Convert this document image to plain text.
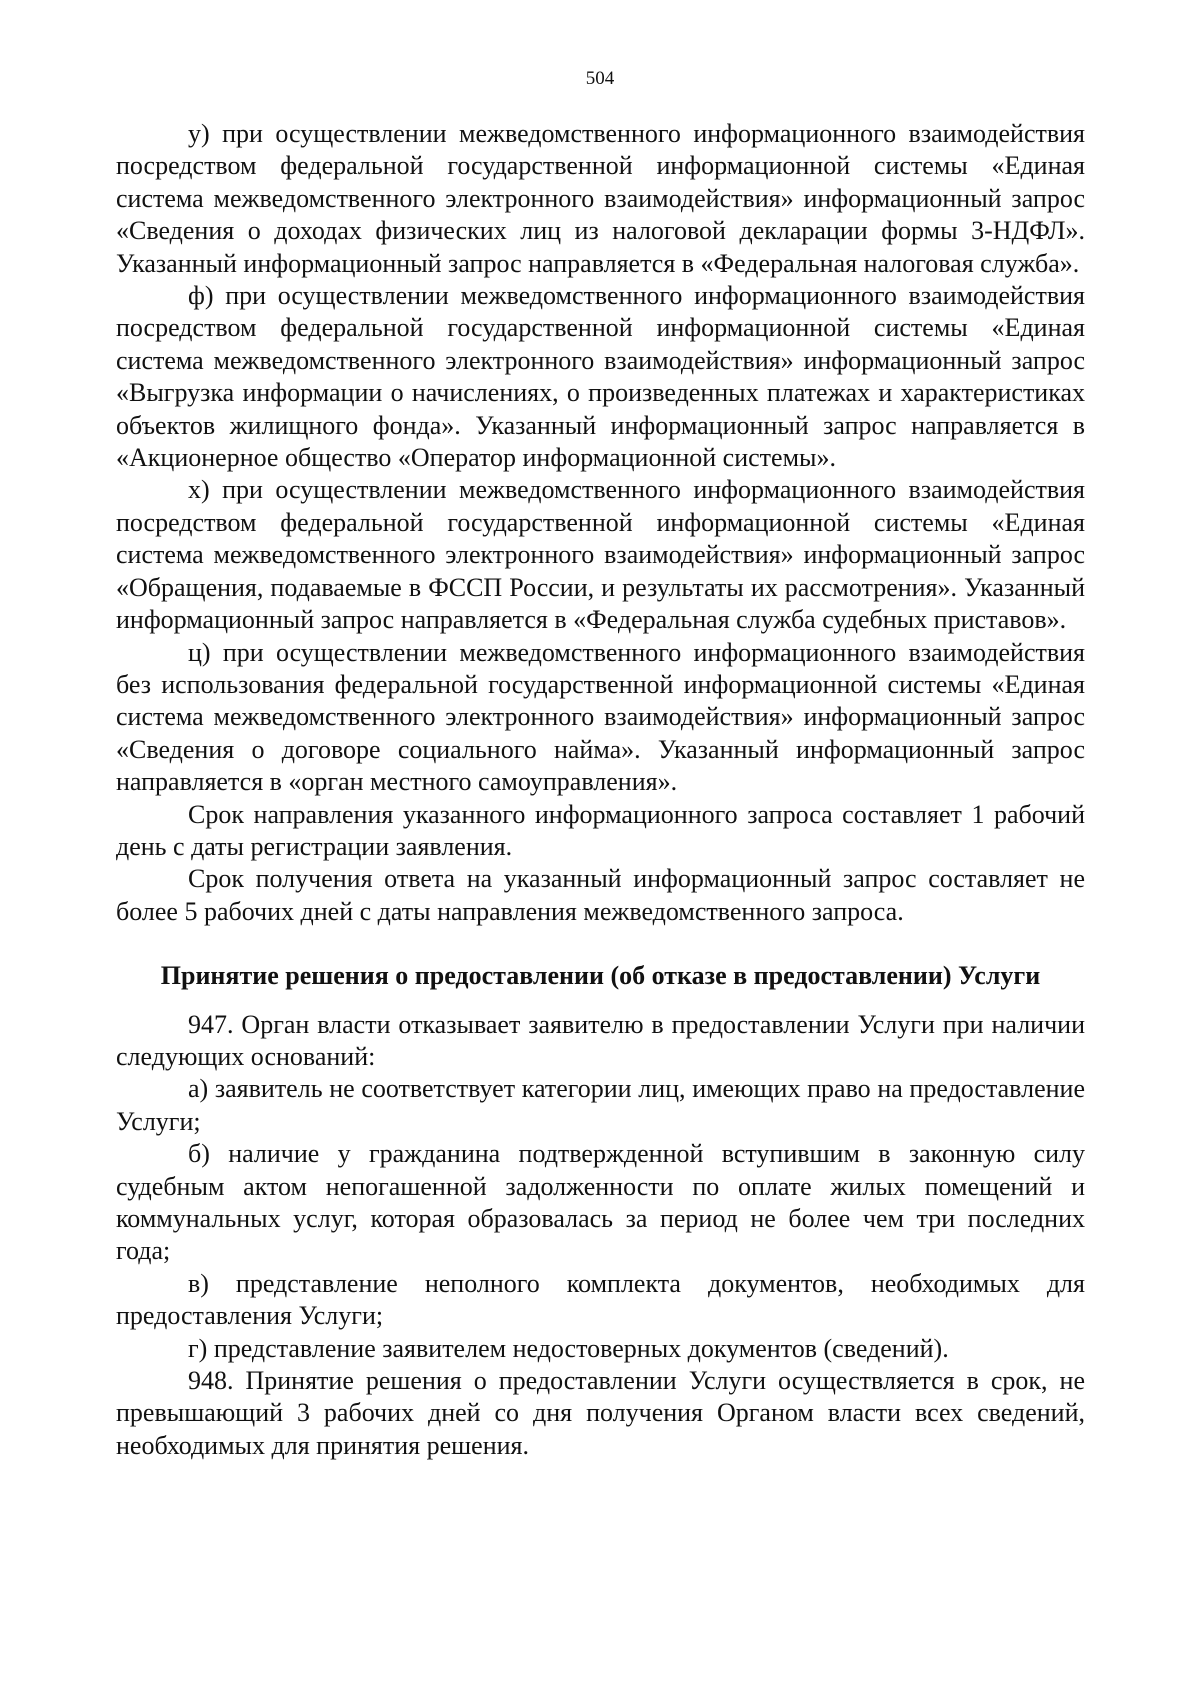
504

у) при осуществлении межведомственного информационного взаимодействия посредством федеральной государственной информационной системы «Единая система межведомственного электронного взаимодействия» информационный запрос «Сведения о доходах физических лиц из налоговой декларации формы 3-НДФЛ». Указанный информационный запрос направляется в «Федеральная налоговая служба».

ф) при осуществлении межведомственного информационного взаимодействия посредством федеральной государственной информационной системы «Единая система межведомственного электронного взаимодействия» информационный запрос «Выгрузка информации о начислениях, о произведенных платежах и характеристиках объектов жилищного фонда». Указанный информационный запрос направляется в «Акционерное общество «Оператор информационной системы».

х) при осуществлении межведомственного информационного взаимодействия посредством федеральной государственной информационной системы «Единая система межведомственного электронного взаимодействия» информационный запрос «Обращения, подаваемые в ФССП России, и результаты их рассмотрения». Указанный информационный запрос направляется в «Федеральная служба судебных приставов».

ц) при осуществлении межведомственного информационного взаимодействия без использования федеральной государственной информационной системы «Единая система межведомственного электронного взаимодействия» информационный запрос «Сведения о договоре социального найма». Указанный информационный запрос направляется в «орган местного самоуправления».

Срок направления указанного информационного запроса составляет 1 рабочий день с даты регистрации заявления.

Срок получения ответа на указанный информационный запрос составляет не более 5 рабочих дней с даты направления межведомственного запроса.

Принятие решения о предоставлении (об отказе в предоставлении) Услуги

947. Орган власти отказывает заявителю в предоставлении Услуги при наличии следующих оснований:

а) заявитель не соответствует категории лиц, имеющих право на предоставление Услуги;

б) наличие у гражданина подтвержденной вступившим в законную силу судебным актом непогашенной задолженности по оплате жилых помещений и коммунальных услуг, которая образовалась за период не более чем три последних года;

в) представление неполного комплекта документов, необходимых для предоставления Услуги;

г) представление заявителем недостоверных документов (сведений).

948. Принятие решения о предоставлении Услуги осуществляется в срок, не превышающий 3 рабочих дней со дня получения Органом власти всех сведений, необходимых для принятия решения.
